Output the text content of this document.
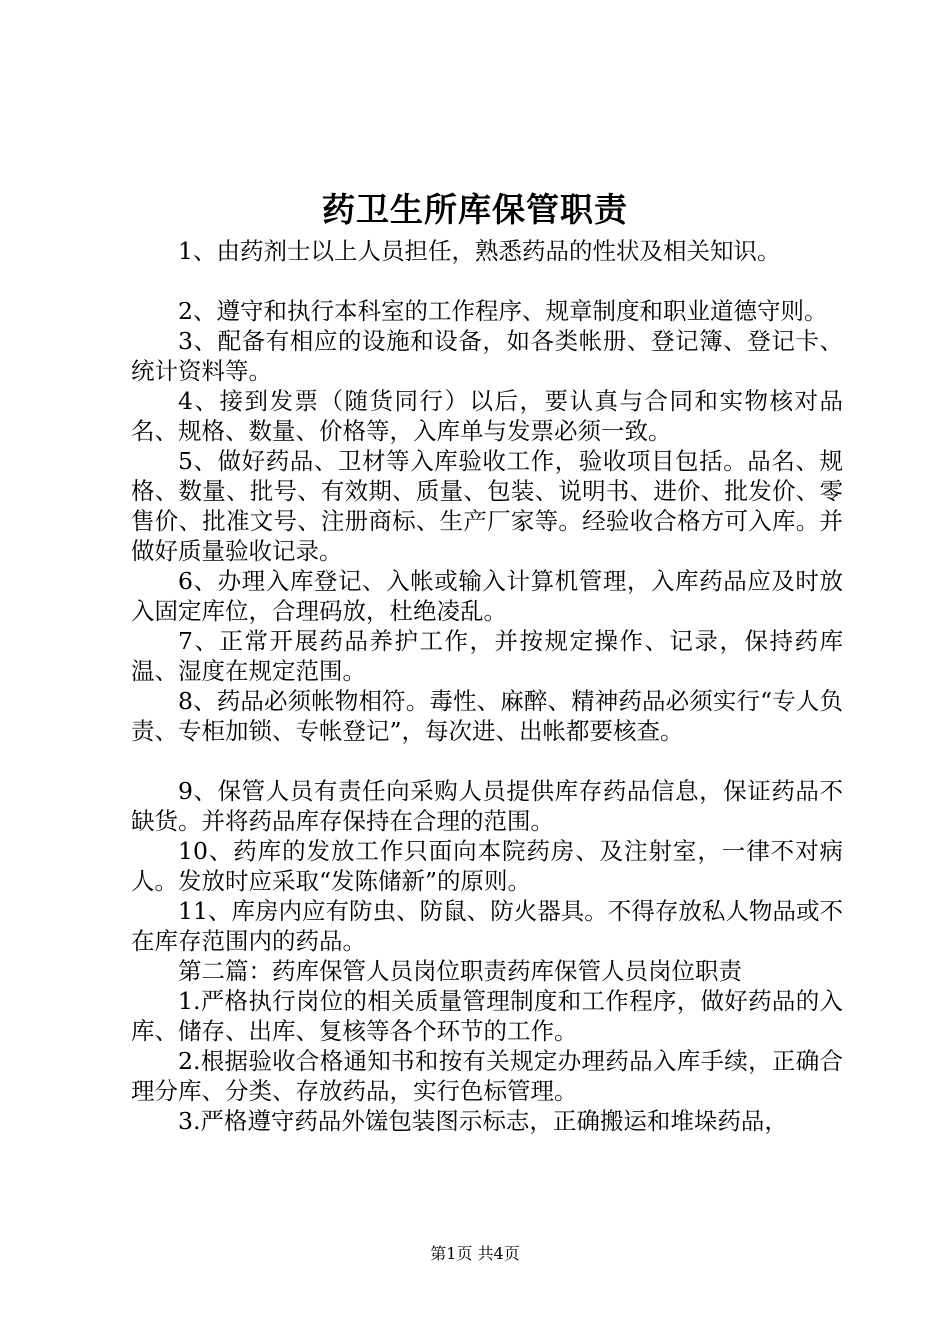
药卫生所库保管职责

1、由药剂士以上人员担任，熟悉药品的性状及相关知识。

2、遵守和执行本科室的工作程序、规章制度和职业道德守则。

3、配备有相应的设施和设备，如各类帐册、登记簿、登记卡、统计资料等。

4、接到发票（随货同行）以后，要认真与合同和实物核对品名、规格、数量、价格等，入库单与发票必须一致。

5、做好药品、卫材等入库验收工作，验收项目包括。品名、规格、数量、批号、有效期、质量、包装、说明书、进价、批发价、零售价、批准文号、注册商标、生产厂家等。经验收合格方可入库。并做好质量验收记录。

6、办理入库登记、入帐或输入计算机管理，入库药品应及时放入固定库位，合理码放，杜绝凌乱。

7、正常开展药品养护工作，并按规定操作、记录，保持药库温、湿度在规定范围。

8、药品必须帐物相符。毒性、麻醉、精神药品必须实行“专人负责、专柜加锁、专帐登记”，每次进、出帐都要核查。

9、保管人员有责任向采购人员提供库存药品信息，保证药品不缺货。并将药品库存保持在合理的范围。

10、药库的发放工作只面向本院药房、及注射室，一律不对病人。发放时应采取“发陈储新”的原则。

11、库房内应有防虫、防鼠、防火器具。不得存放私人物品或不在库存范围内的药品。

第二篇：药库保管人员岗位职责药库保管人员岗位职责

1.严格执行岗位的相关质量管理制度和工作程序，做好药品的入库、储存、出库、复核等各个环节的工作。

2.根据验收合格通知书和按有关规定办理药品入库手续，正确合理分库、分类、存放药品，实行色标管理。

3.严格遵守药品外馐包装图示标志，正确搬运和堆垛药品，

第1页 共4页
